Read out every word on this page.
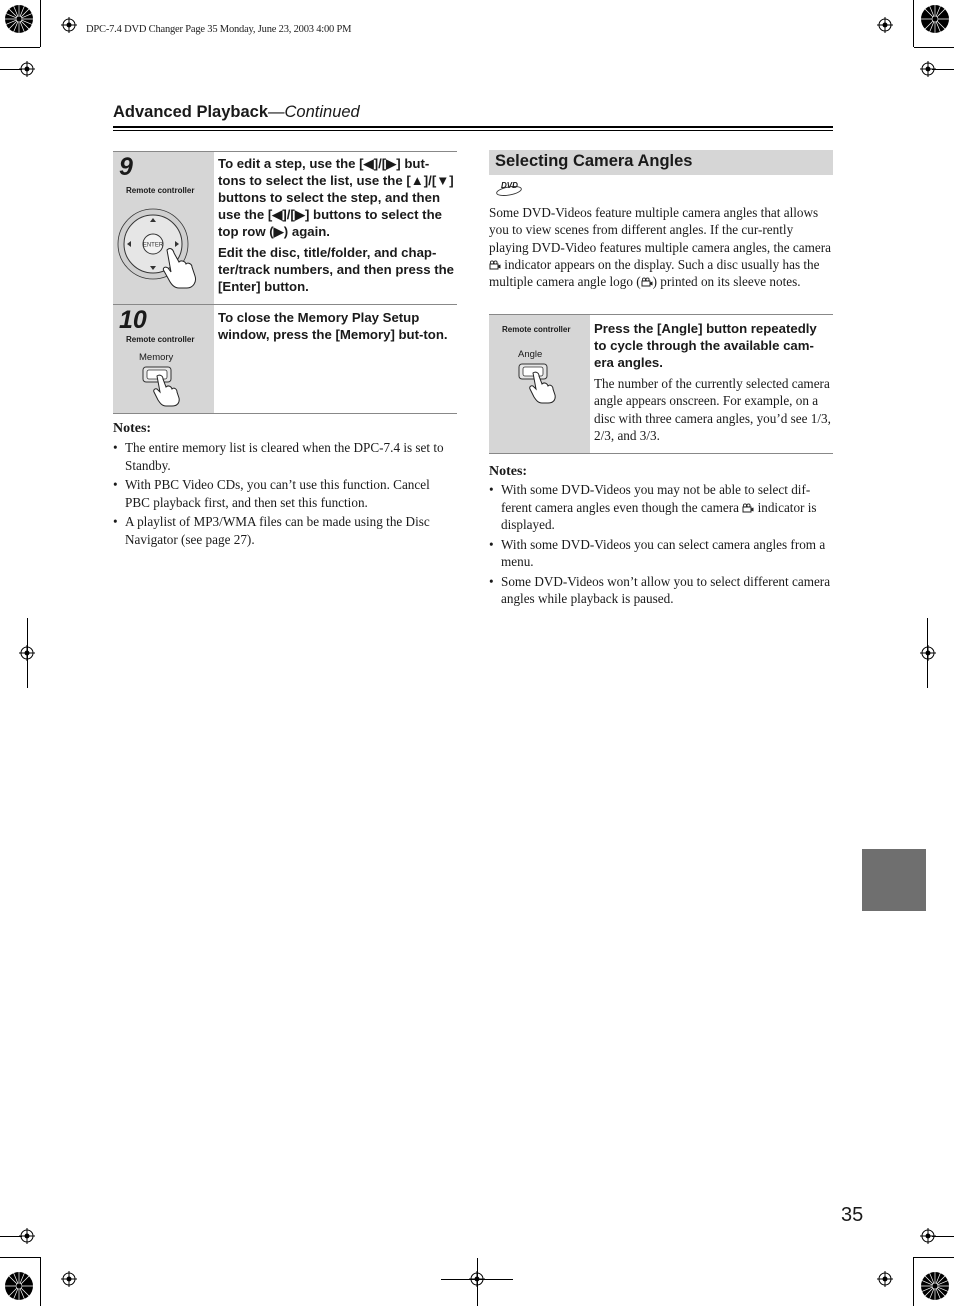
DPC-7.4 DVD Changer Page 35 Monday, June 23, 2003 4:00 PM
Advanced Playback—Continued
9
Remote controller
ENTER

To edit a step, use the [◀]/[▶] but-tons to select the list, use the [▲]/[▼] buttons to select the step, and then use the [◀]/[▶] buttons to select the top row (▶) again.

Edit the disc, title/folder, and chap-ter/track numbers, and then press the [Enter] button.

10
Remote controller
Memory

To close the Memory Play Setup window, press the [Memory] but-ton.

Notes:
• The entire memory list is cleared when the DPC-7.4 is set to Standby.
• With PBC Video CDs, you can’t use this function. Cancel PBC playback first, and then set this function.
• A playlist of MP3/WMA files can be made using the Disc Navigator (see page 27).
Selecting Camera Angles
DVD
Some DVD-Videos feature multiple camera angles that allows you to view scenes from different angles. If the cur-rently playing DVD-Video features multiple camera angles, the camera  indicator appears on the display. Such a disc usually has the multiple camera angle logo ( ) printed on its sleeve notes.
Remote controller
Angle

Press the [Angle] button repeatedly to cycle through the available cam-era angles.

The number of the currently selected camera angle appears onscreen. For example, on a disc with three camera angles, you’d see 1/3, 2/3, and 3/3.

Notes:
• With some DVD-Videos you may not be able to select dif-ferent camera angles even though the camera  indicator is displayed.
• With some DVD-Videos you can select camera angles from a menu.
• Some DVD-Videos won’t allow you to select different camera angles while playback is paused.
35
